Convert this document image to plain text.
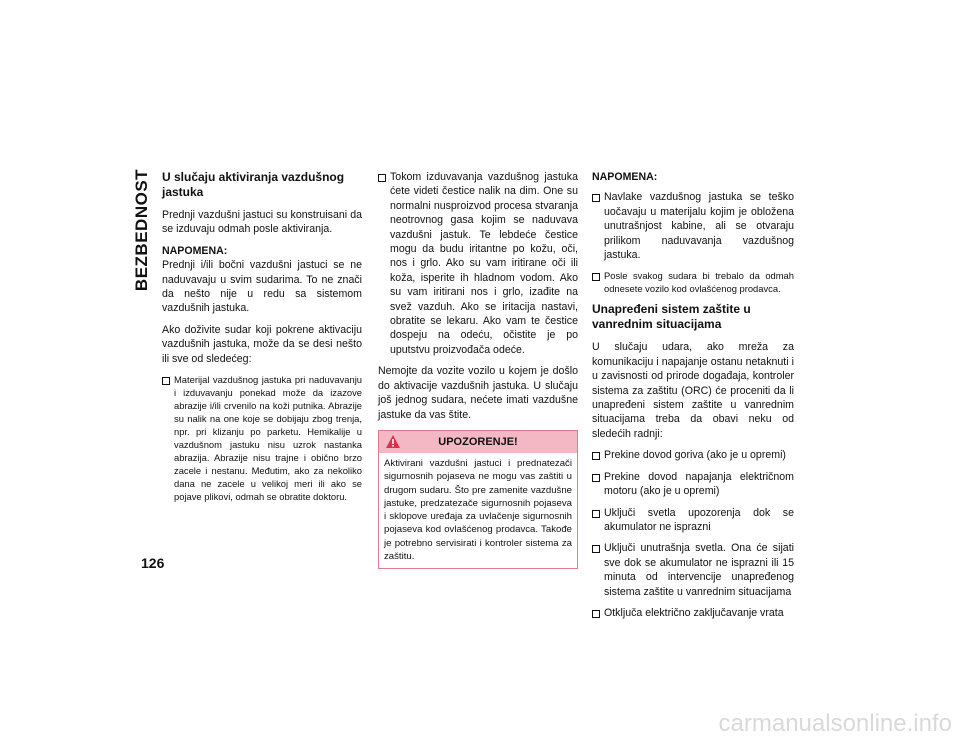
BEZBEDNOST
126
U slučaju aktiviranja vazdušnog jastuka

Prednji vazdušni jastuci su konstruisani da se izduvaju odmah posle aktiviranja.

NAPOMENA:

Prednji i/ili bočni vazdušni jastuci se ne naduvavaju u svim sudarima. To ne znači da nešto nije u redu sa sistemom vazdušnih jastuka.

Ako doživite sudar koji pokrene aktivaciju vazdušnih jastuka, može da se desi nešto ili sve od sledećeg:

Materijal vazdušnog jastuka pri naduvavanju i izduvavanju ponekad može da izazove abrazije i/ili crvenilo na koži putnika. Abrazije su nalik na one koje se dobijaju zbog trenja, npr. pri klizanju po parketu. Hemikalije u vazdušnom jastuku nisu uzrok nastanka abrazija. Abrazije nisu trajne i obično brzo zacele i nestanu. Međutim, ako za nekoliko dana ne zacele u velikoj meri ili ako se pojave plikovi, odmah se obratite doktoru.
Tokom izduvavanja vazdušnog jastuka ćete videti čestice nalik na dim. One su normalni nusproizvod procesa stvaranja neotrovnog gasa kojim se naduvava vazdušni jastuk. Te lebdeće čestice mogu da budu iritantne po kožu, oči, nos i grlo. Ako su vam iritirane oči ili koža, isperite ih hladnom vodom. Ako su vam iritirani nos i grlo, izađite na svež vazduh. Ako se iritacija nastavi, obratite se lekaru. Ako vam te čestice dospeju na odeću, očistite je po uputstvu proizvođača odeće.

Nemojte da vozite vozilo u kojem je došlo do aktivacije vazdušnih jastuka. U slučaju još jednog sudara, nećete imati vazdušne jastuke da vas štite.

UPOZORENJE!
Aktivirani vazdušni jastuci i prednatezači sigurnosnih pojaseva ne mogu vas zaštiti u drugom sudaru. Što pre zamenite vazdušne jastuke, predzatezače sigurnosnih pojaseva i sklopove uređaja za uvlačenje sigurnosnih pojaseva kod ovlašćenog prodavca. Takođe je potrebno servisirati i kontroler sistema za zaštitu.
NAPOMENA:
Navlake vazdušnog jastuka se teško uočavaju u materijalu kojim je obložena unutrašnjost kabine, ali se otvaraju prilikom naduvavanja vazdušnog jastuka.
Posle svakog sudara bi trebalo da odmah odnesete vozilo kod ovlašćenog prodavca.
Unapređeni sistem zaštite u vanrednim situacijama

U slučaju udara, ako mreža za komunikaciju i napajanje ostanu netaknuti i u zavisnosti od prirode događaja, kontroler sistema za zaštitu (ORC) će proceniti da li unapređeni sistem zaštite u vanrednim situacijama treba da obavi neku od sledećih radnji:

Prekine dovod goriva (ako je u opremi)
Prekine dovod napajanja električnom motoru (ako je u opremi)
Uključi svetla upozorenja dok se akumulator ne isprazni
Uključi unutrašnja svetla. Ona će sijati sve dok se akumulator ne isprazni ili 15 minuta od intervencije unapređenog sistema zaštite u vanrednim situacijama
Otključa električno zaključavanje vrata
carmanualsonline.info
